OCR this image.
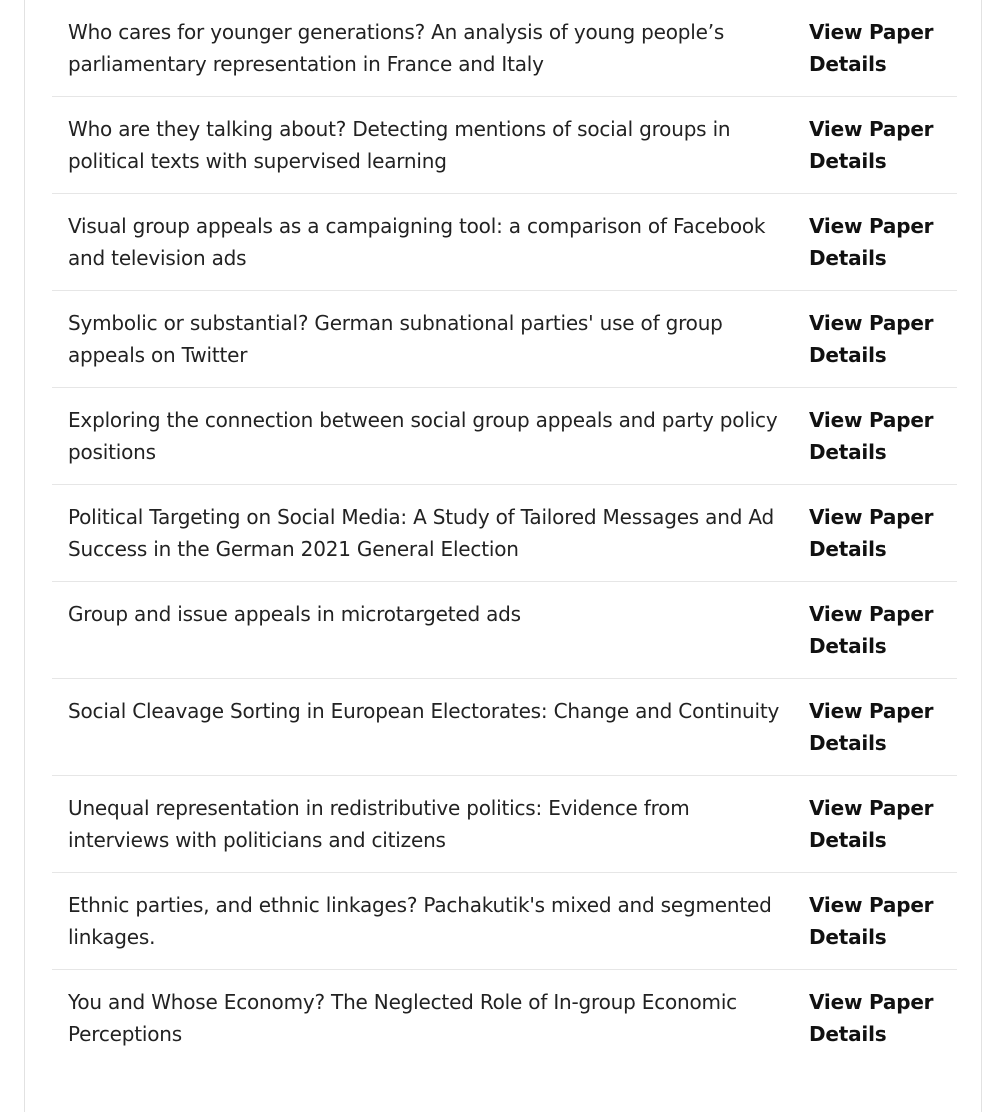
Who cares for younger generations? An analysis of young people’s parliamentary representation in France and Italy
View Paper Details
Who are they talking about? Detecting mentions of social groups in political texts with supervised learning
View Paper Details
Visual group appeals as a campaigning tool: a comparison of Facebook and television ads
View Paper Details
Symbolic or substantial? German subnational parties' use of group appeals on Twitter
View Paper Details
Exploring the connection between social group appeals and party policy positions
View Paper Details
Political Targeting on Social Media: A Study of Tailored Messages and Ad Success in the German 2021 General Election
View Paper Details
Group and issue appeals in microtargeted ads	View Paper Details
Social Cleavage Sorting in European Electorates: Change and Continuity View Paper Details
Unequal representation in redistributive politics: Evidence from interviews with politicians and citizens
View Paper Details
Ethnic parties, and ethnic linkages? Pachakutik's mixed and segmented linkages.
View Paper Details
You and Whose Economy? The Neglected Role of In-group Economic Perceptions
View Paper Details
